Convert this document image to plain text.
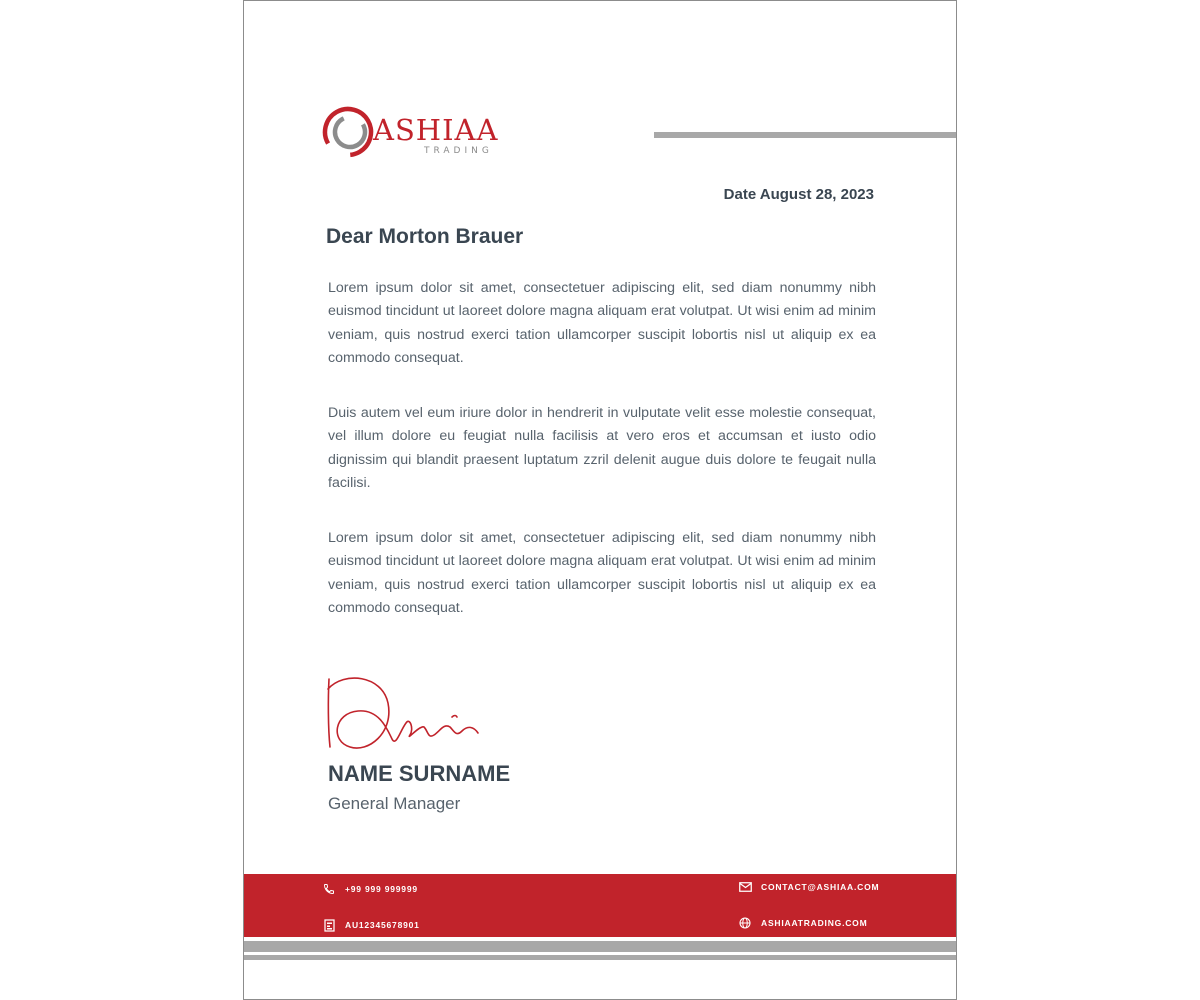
ASHIAA
TRADING
Date August 28, 2023
Dear Morton Brauer

Lorem ipsum dolor sit amet, consectetuer adipiscing elit, sed diam nonummy nibh euismod tincidunt ut laoreet dolore magna aliquam erat volutpat. Ut wisi enim ad minim veniam, quis nostrud exerci tation ullamcorper suscipit lobortis nisl ut aliquip ex ea commodo consequat.

Duis autem vel eum iriure dolor in hendrerit in vulputate velit esse molestie consequat, vel illum dolore eu feugiat nulla facilisis at vero eros et accumsan et iusto odio dignissim qui blandit praesent luptatum zzril delenit augue duis dolore te feugait nulla facilisi.

Lorem ipsum dolor sit amet, consectetuer adipiscing elit, sed diam nonummy nibh euismod tincidunt ut laoreet dolore magna aliquam erat volutpat. Ut wisi enim ad minim veniam, quis nostrud exerci tation ullamcorper suscipit lobortis nisl ut aliquip ex ea commodo consequat.

NAME SURNAME
General Manager
+99 999 999999
AU12345678901
CONTACT@ASHIAA.COM
ASHIAATRADING.COM
